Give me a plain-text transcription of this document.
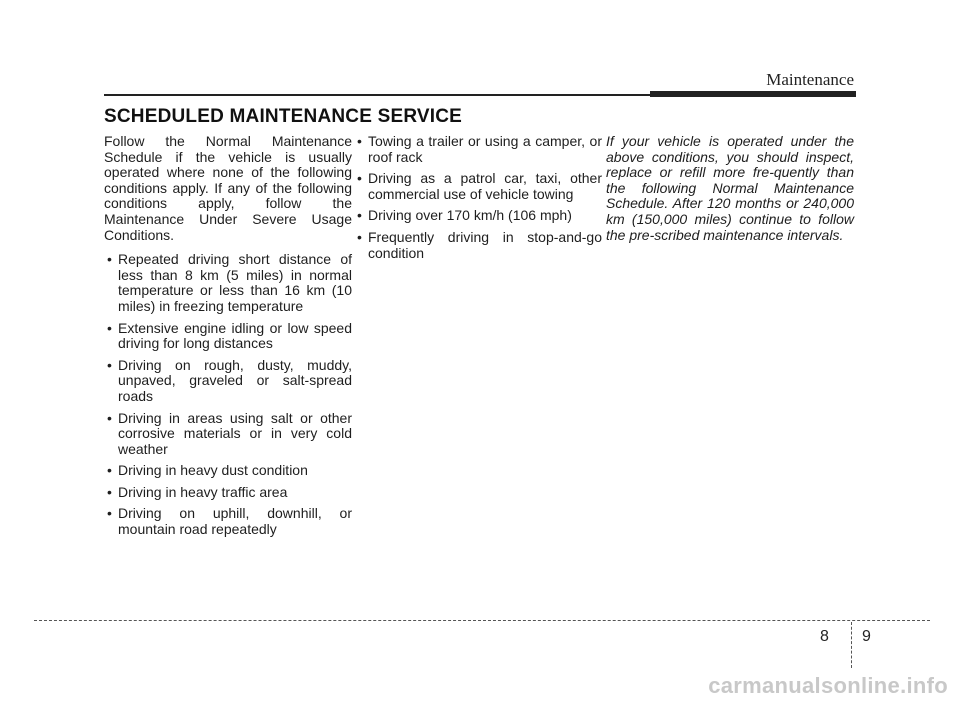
Maintenance
SCHEDULED MAINTENANCE SERVICE

Follow the Normal Maintenance Schedule if the vehicle is usually operated where none of the following conditions apply. If any of the following conditions apply, follow the Maintenance Under Severe Usage Conditions.

• Repeated driving short distance of less than 8 km (5 miles) in normal temperature or less than 16 km (10 miles) in freezing temperature
• Extensive engine idling or low speed driving for long distances
• Driving on rough, dusty, muddy, unpaved, graveled or salt-spread roads
• Driving in areas using salt or other corrosive materials or in very cold weather
• Driving in heavy dust condition
• Driving in heavy traffic area
• Driving on uphill, downhill, or mountain road repeatedly
• Towing a trailer or using a camper, or roof rack
• Driving as a patrol car, taxi, other commercial use of vehicle towing
• Driving over 170 km/h (106 mph)
• Frequently driving in stop-and-go condition

If your vehicle is operated under the above conditions, you should inspect, replace or refill more fre-quently than the following Normal Maintenance Schedule. After 120 months or 240,000 km (150,000 miles) continue to follow the pre-scribed maintenance intervals.

8 9
carmanualsonline.info
